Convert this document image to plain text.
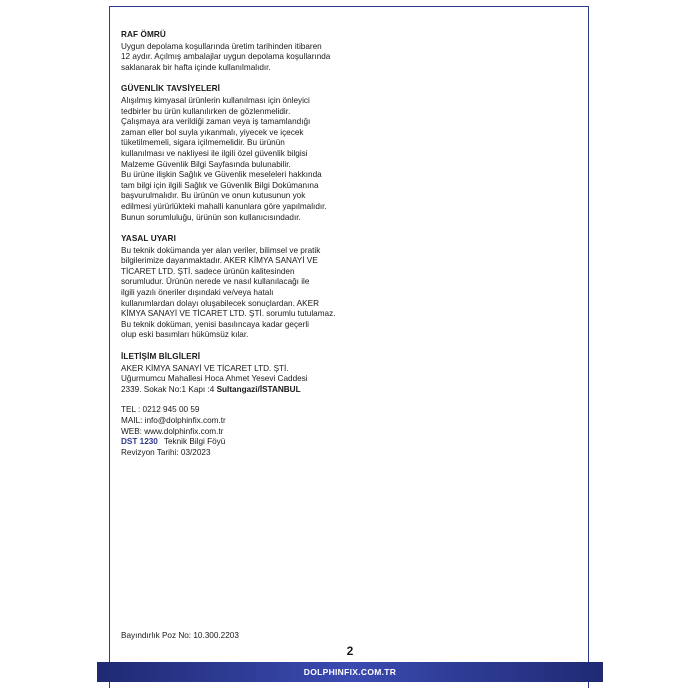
RAF ÖMRÜ
Uygun depolama koşullarında üretim tarihinden itibaren
12 aydır. Açılmış ambalajlar uygun depolama koşullarında
saklanarak bir hafta içinde kullanılmalıdır.
GÜVENLİK TAVSİYELERİ
Alışılmış kimyasal ürünlerin kullanılması için önleyici
tedbirler bu ürün kullanılırken de gözlenmelidir.
Çalışmaya ara verildiği zaman veya iş tamamlandığı
zaman eller bol suyla yıkanmalı, yiyecek ve içecek
tüketilmemeli, sigara içilmemelidir. Bu ürünün
kullanılması ve nakliyesi ile ilgili özel güvenlik bilgisi
Malzeme Güvenlik Bilgi Sayfasında bulunabilir.
Bu ürüne ilişkin Sağlık ve Güvenlik meseleleri hakkında
tam bilgi için ilgili Sağlık ve Güvenlik Bilgi Dokümanına
başvurulmalıdır. Bu ürünün ve onun kutusunun yok
edilmesi yürürlükteki mahalli kanunlara göre yapılmalıdır.
Bunun sorumluluğu, ürünün son kullanıcısındadır.
YASAL UYARI
Bu teknik dokümanda yer alan veriler, bilimsel ve pratik
bilgilerimize dayanmaktadır. AKER KİMYA SANAYİ VE
TİCARET LTD. ŞTİ. sadece ürünün kalitesinden
sorumludur. Ürünün nerede ve nasıl kullanılacağı ile
ilgili yazılı öneriler dışındaki ve/veya hatalı
kullanımlardan dolayı oluşabilecek sonuçlardan. AKER
KİMYA SANAYİ VE TİCARET LTD. ŞTİ. sorumlu tutulamaz.
Bu teknik doküman, yenisi basılıncaya kadar geçerli
olup eski basımları hükümsüz kılar.
İLETİŞİM BİLGİLERİ
AKER KİMYA SANAYİ VE TİCARET LTD. ŞTİ.
Uğurmumcu Mahallesi Hoca Ahmet Yesevi Caddesi
2339. Sokak No:1 Kapı :4 Sultangazi/İSTANBUL
TEL : 0212 945 00 59
MAIL: info@dolphinfix.com.tr
WEB: www.dolphinfix.com.tr
DST 1230 Teknik Bilgi Föyü
Revizyon Tarihi: 03/2023
Bayındırlık Poz No: 10.300.2203
2
DOLPHINFIX.COM.TR
